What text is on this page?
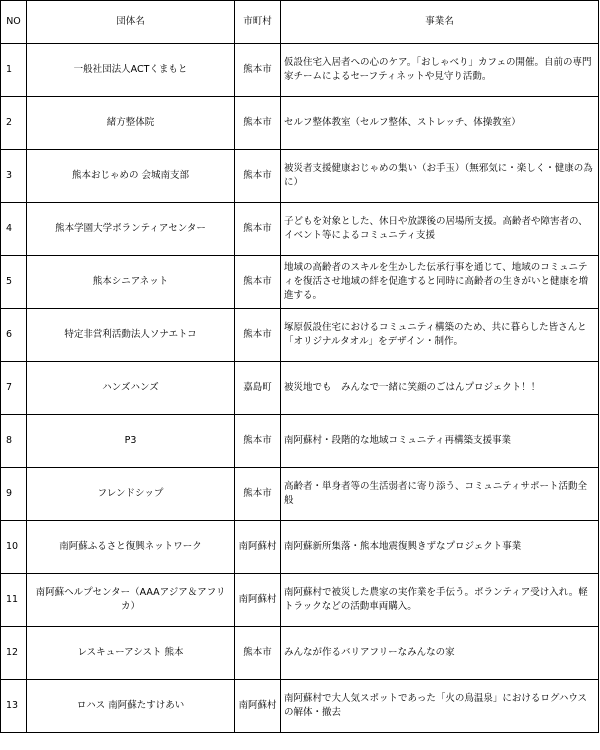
NO	団体名	市町村	事業名
1	一般社団法人ACTくまもと	熊本市	仮設住宅入居者への心のケア。「おしゃべり」カフェの開催。自前の専門家チームによるセーフティネットや見守り活動。
2	緒方整体院	熊本市	セルフ整体教室（セルフ整体、ストレッチ、体操教室）
3	熊本おじゃめの 会城南支部	熊本市	被災者支援健康おじゃめの集い（お手玉）（無邪気に・楽しく・健康の為に）
4	熊本学園大学ボランティアセンター	熊本市	子どもを対象とした、休日や放課後の居場所支援。高齢者や障害者の、イベント等によるコミュニティ支援
5	熊本シニアネット	熊本市	地域の高齢者のスキルを生かした伝承行事を通じて、地域のコミュニティを復活させ地域の絆を促進すると同時に高齢者の生きがいと健康を増進する。
6	特定非営利活動法人ソナエトコ	熊本市	塚原仮設住宅におけるコミュニティ構築のため、共に暮らした皆さんと「オリジナルタオル」をデザイン・制作。
7	ハンズハンズ	嘉島町	被災地でも　みんなで一緒に笑顔のごはんプロジェクト！！
8	P3	熊本市	南阿蘇村・段階的な地域コミュニティ再構築支援事業
9	フレンドシップ	熊本市	高齢者・単身者等の生活弱者に寄り添う、コミュニティサポート活動全般
10	南阿蘇ふるさと復興ネットワーク	南阿蘇村	南阿蘇新所集落・熊本地震復興きずなプロジェクト事業
11	南阿蘇ヘルプセンター（AAAアジア＆アフリカ）	南阿蘇村	南阿蘇村で被災した農家の実作業を手伝う。ボランティア受け入れ。軽トラックなどの活動車両購入。
12	レスキューアシスト 熊本	熊本市	みんなが作るバリアフリーなみんなの家
13	ロハス 南阿蘇たすけあい	南阿蘇村	南阿蘇村で大人気スポットであった「火の鳥温泉」におけるログハウスの解体・撤去
